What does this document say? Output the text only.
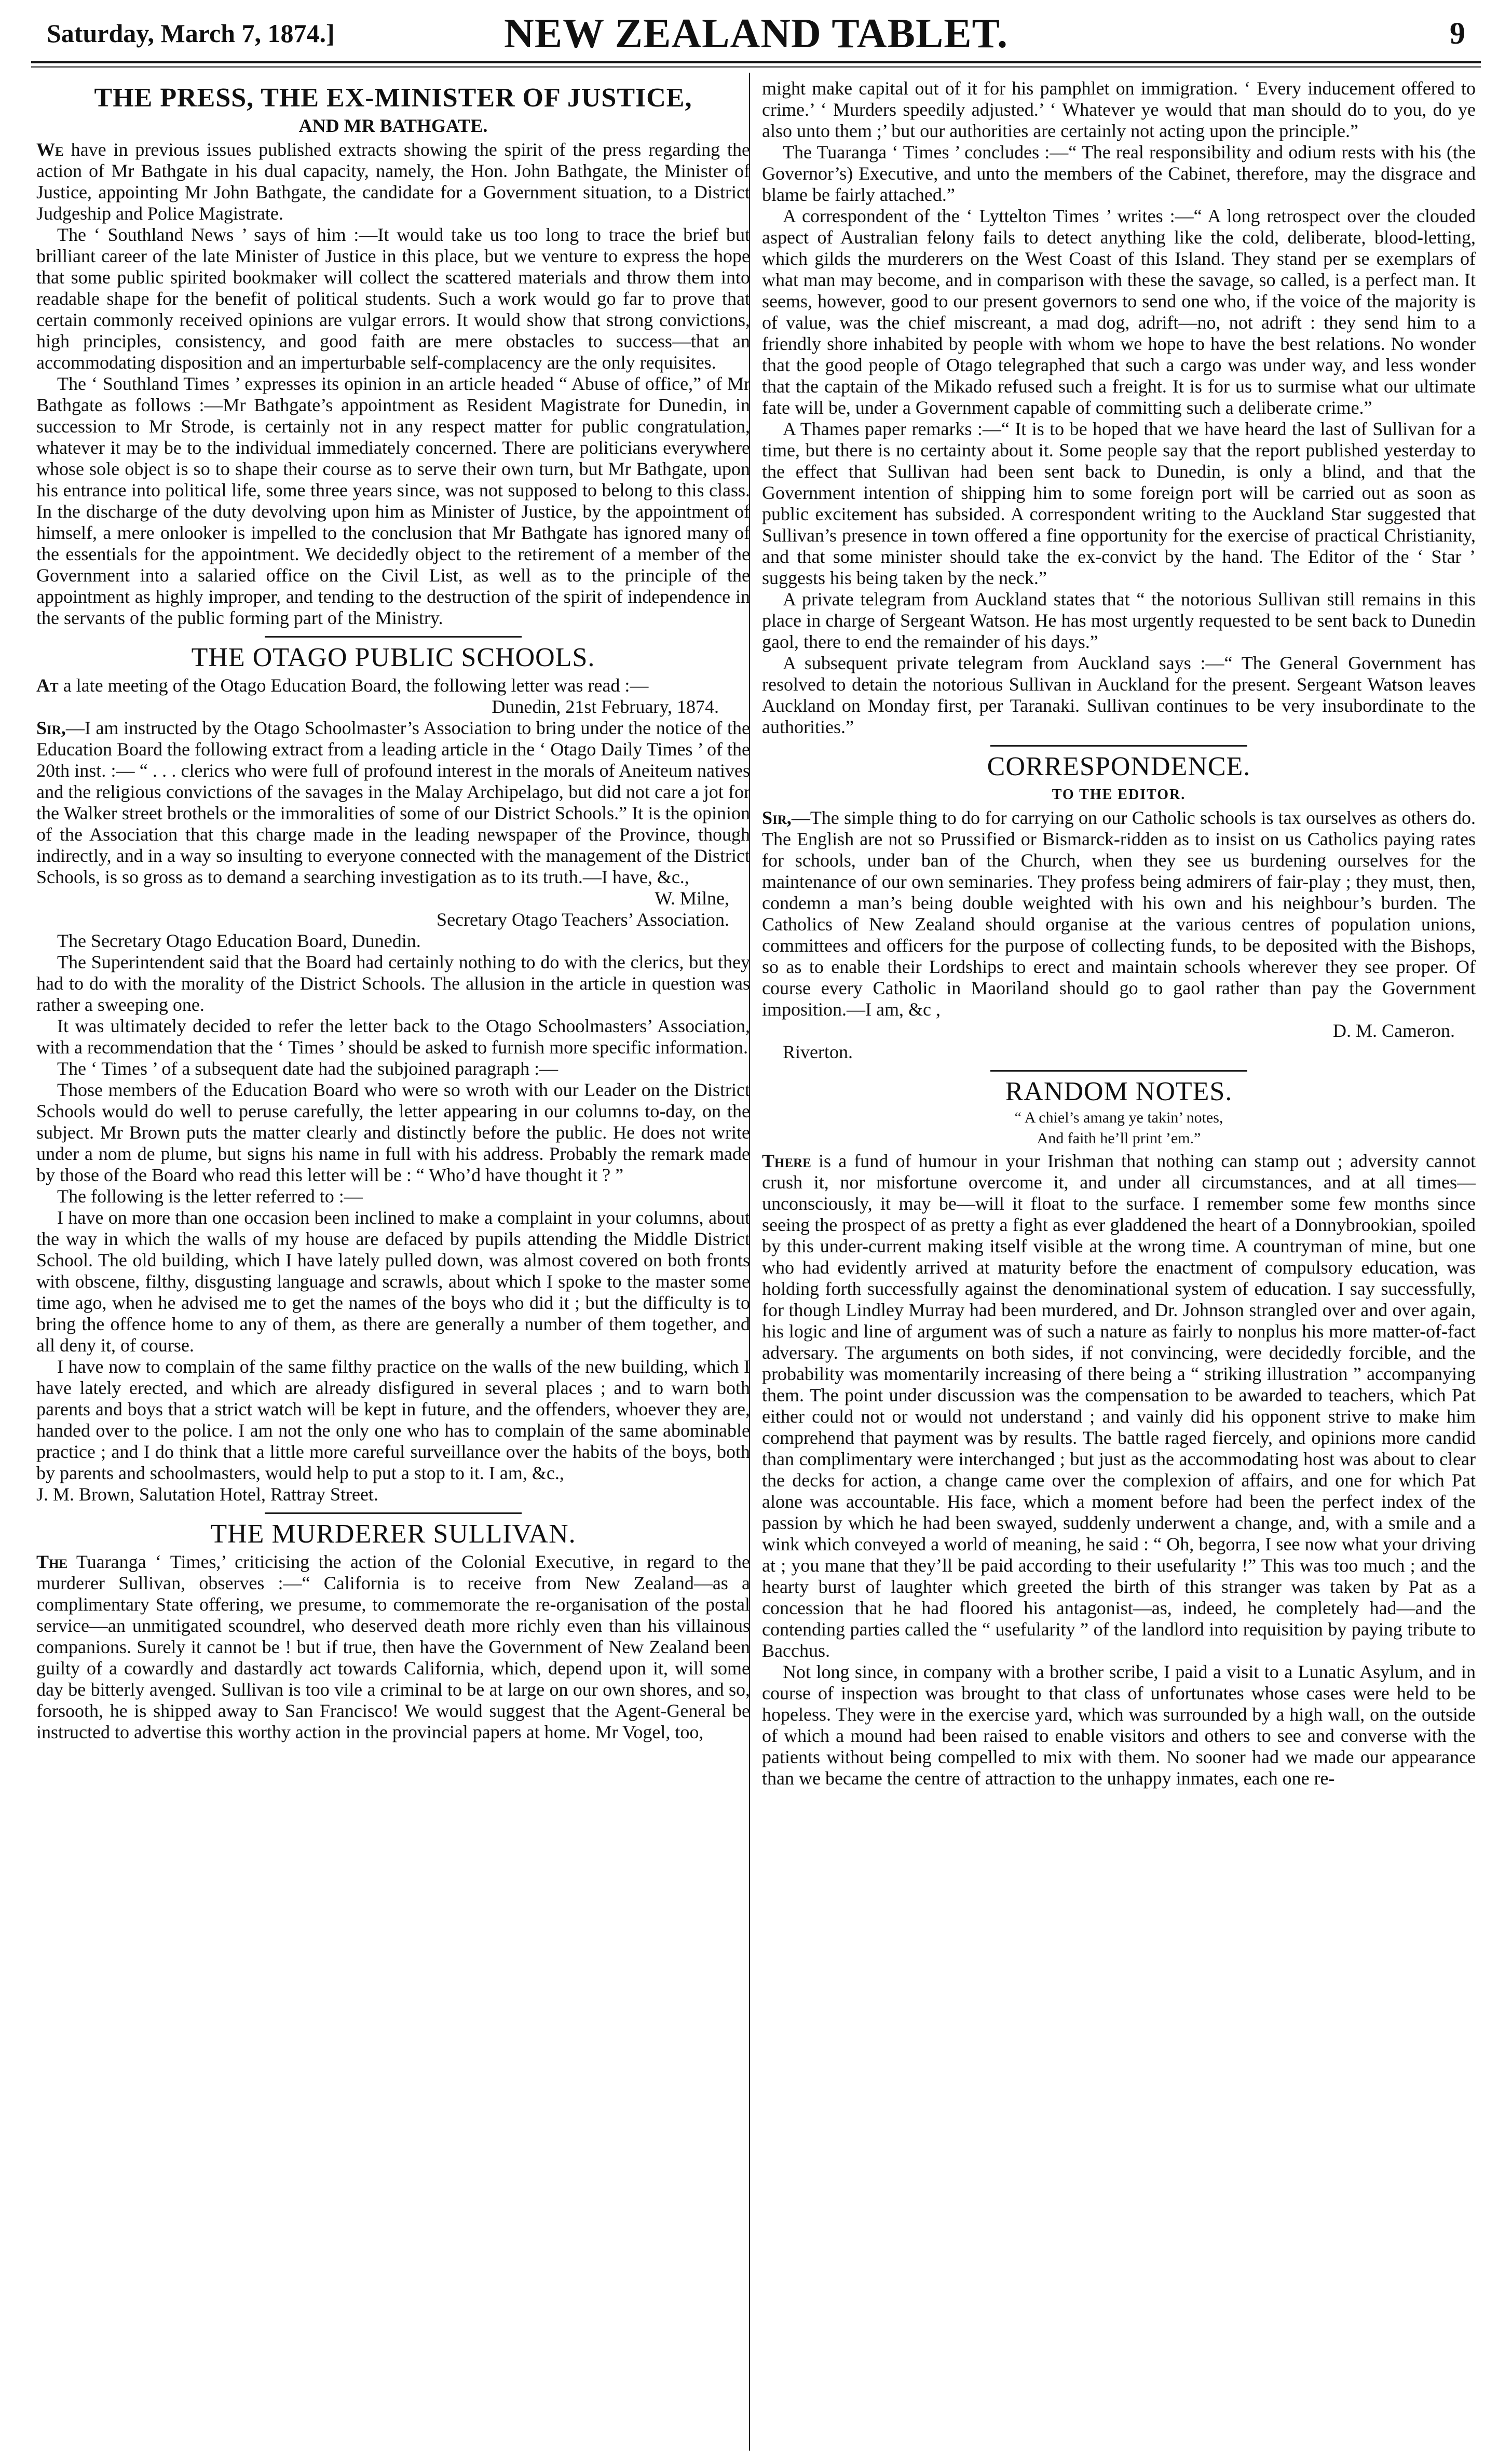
Saturday, March 7, 1874.]	NEW ZEALAND TABLET.	9
THE PRESS, THE EX-MINISTER OF JUSTICE,
AND MR BATHGATE.

We have in previous issues published extracts showing the spirit of the press regarding the action of Mr Bathgate in his dual capacity, namely, the Hon. John Bathgate, the Minister of Justice, appointing Mr John Bathgate, the candidate for a Government situation, to a District Judgeship and Police Magistrate.

The ‘ Southland News ’ says of him :—It would take us too long to trace the brief but brilliant career of the late Minister of Justice in this place, but we venture to express the hope that some public spirited bookmaker will collect the scattered materials and throw them into readable shape for the benefit of political students. Such a work would go far to prove that certain commonly received opinions are vulgar errors. It would show that strong convictions, high principles, consistency, and good faith are mere obstacles to success—that an accommodating disposition and an imperturbable self-complacency are the only requisites.

The ‘ Southland Times ’ expresses its opinion in an article headed “ Abuse of office,” of Mr Bathgate as follows :—Mr Bathgate’s appointment as Resident Magistrate for Dunedin, in succession to Mr Strode, is certainly not in any respect matter for public congratulation, whatever it may be to the individual immediately concerned. There are politicians everywhere whose sole object is so to shape their course as to serve their own turn, but Mr Bathgate, upon his entrance into political life, some three years since, was not supposed to belong to this class. In the discharge of the duty devolving upon him as Minister of Justice, by the appointment of himself, a mere onlooker is impelled to the conclusion that Mr Bathgate has ignored many of the essentials for the appointment. We decidedly object to the retirement of a member of the Government into a salaried office on the Civil List, as well as to the principle of the appointment as highly improper, and tending to the destruction of the spirit of independence in the servants of the public forming part of the Ministry.

THE OTAGO PUBLIC SCHOOLS.

At a late meeting of the Otago Education Board, the following letter was read :—

Dunedin, 21st February, 1874.

Sir,—I am instructed by the Otago Schoolmaster’s Association to bring under the notice of the Education Board the following extract from a leading article in the ‘ Otago Daily Times ’ of the 20th inst. :— “ . . . clerics who were full of profound interest in the morals of Aneiteum natives and the religious convictions of the savages in the Malay Archipelago, but did not care a jot for the Walker street brothels or the immoralities of some of our District Schools.” It is the opinion of the Association that this charge made in the leading newspaper of the Province, though indirectly, and in a way so insulting to everyone connected with the management of the District Schools, is so gross as to demand a searching investigation as to its truth.—I have, &c.,

W. Milne,

Secretary Otago Teachers’ Association.

The Secretary Otago Education Board, Dunedin.

The Superintendent said that the Board had certainly nothing to do with the clerics, but they had to do with the morality of the District Schools. The allusion in the article in question was rather a sweeping one.

It was ultimately decided to refer the letter back to the Otago Schoolmasters’ Association, with a recommendation that the ‘ Times ’ should be asked to furnish more specific information.

The ‘ Times ’ of a subsequent date had the subjoined paragraph :—

Those members of the Education Board who were so wroth with our Leader on the District Schools would do well to peruse carefully, the letter appearing in our columns to-day, on the subject. Mr Brown puts the matter clearly and distinctly before the public. He does not write under a nom de plume, but signs his name in full with his address. Probably the remark made by those of the Board who read this letter will be : “ Who’d have thought it ? ”

The following is the letter referred to :—

I have on more than one occasion been inclined to make a complaint in your columns, about the way in which the walls of my house are defaced by pupils attending the Middle District School. The old building, which I have lately pulled down, was almost covered on both fronts with obscene, filthy, disgusting language and scrawls, about which I spoke to the master some time ago, when he advised me to get the names of the boys who did it ; but the difficulty is to bring the offence home to any of them, as there are generally a number of them together, and all deny it, of course.

I have now to complain of the same filthy practice on the walls of the new building, which I have lately erected, and which are already disfigured in several places ; and to warn both parents and boys that a strict watch will be kept in future, and the offenders, whoever they are, handed over to the police. I am not the only one who has to complain of the same abominable practice ; and I do think that a little more careful surveillance over the habits of the boys, both by parents and schoolmasters, would help to put a stop to it. I am, &c.,

J. M. Brown, Salutation Hotel, Rattray Street.

THE MURDERER SULLIVAN.

The Tuaranga ‘ Times,’ criticising the action of the Colonial Executive, in regard to the murderer Sullivan, observes :—“ California is to receive from New Zealand—as a complimentary State offering, we presume, to commemorate the re-organisation of the postal service—an unmitigated scoundrel, who deserved death more richly even than his villainous companions. Surely it cannot be ! but if true, then have the Government of New Zealand been guilty of a cowardly and dastardly act towards California, which, depend upon it, will some day be bitterly avenged. Sullivan is too vile a criminal to be at large on our own shores, and so, forsooth, he is shipped away to San Francisco! We would suggest that the Agent-General be instructed to advertise this worthy action in the provincial papers at home. Mr Vogel, too,

might make capital out of it for his pamphlet on immigration. ‘ Every inducement offered to crime.’ ‘ Murders speedily adjusted.’ ‘ Whatever ye would that man should do to you, do ye also unto them ;’ but our authorities are certainly not acting upon the principle.”

The Tuaranga ‘ Times ’ concludes :—“ The real responsibility and odium rests with his (the Governor’s) Executive, and unto the members of the Cabinet, therefore, may the disgrace and blame be fairly attached.”

A correspondent of the ‘ Lyttelton Times ’ writes :—“ A long retrospect over the clouded aspect of Australian felony fails to detect anything like the cold, deliberate, blood-letting, which gilds the murderers on the West Coast of this Island. They stand per se exemplars of what man may become, and in comparison with these the savage, so called, is a perfect man. It seems, however, good to our present governors to send one who, if the voice of the majority is of value, was the chief miscreant, a mad dog, adrift—no, not adrift : they send him to a friendly shore inhabited by people with whom we hope to have the best relations. No wonder that the good people of Otago telegraphed that such a cargo was under way, and less wonder that the captain of the Mikado refused such a freight. It is for us to surmise what our ultimate fate will be, under a Government capable of committing such a deliberate crime.”

A Thames paper remarks :—“ It is to be hoped that we have heard the last of Sullivan for a time, but there is no certainty about it. Some people say that the report published yesterday to the effect that Sullivan had been sent back to Dunedin, is only a blind, and that the Government intention of shipping him to some foreign port will be carried out as soon as public excitement has subsided. A correspondent writing to the Auckland Star suggested that Sullivan’s presence in town offered a fine opportunity for the exercise of practical Christianity, and that some minister should take the ex-convict by the hand. The Editor of the ‘ Star ’ suggests his being taken by the neck.”

A private telegram from Auckland states that “ the notorious Sullivan still remains in this place in charge of Sergeant Watson. He has most urgently requested to be sent back to Dunedin gaol, there to end the remainder of his days.”

A subsequent private telegram from Auckland says :—“ The General Government has resolved to detain the notorious Sullivan in Auckland for the present. Sergeant Watson leaves Auckland on Monday first, per Taranaki. Sullivan continues to be very insubordinate to the authorities.”

CORRESPONDENCE.
TO THE EDITOR.

Sir,—The simple thing to do for carrying on our Catholic schools is tax ourselves as others do. The English are not so Prussified or Bismarck-ridden as to insist on us Catholics paying rates for schools, under ban of the Church, when they see us burdening ourselves for the maintenance of our own seminaries. They profess being admirers of fair-play ; they must, then, condemn a man’s being double weighted with his own and his neighbour’s burden. The Catholics of New Zealand should organise at the various centres of population unions, committees and officers for the purpose of collecting funds, to be deposited with the Bishops, so as to enable their Lordships to erect and maintain schools wherever they see proper. Of course every Catholic in Maoriland should go to gaol rather than pay the Government imposition.—I am, &c ,

D. M. Cameron.

Riverton.

RANDOM NOTES.
“ A chiel’s amang ye takin’ notes,
And faith he’ll print ’em.”

There is a fund of humour in your Irishman that nothing can stamp out ; adversity cannot crush it, nor misfortune overcome it, and under all circumstances, and at all times—unconsciously, it may be—will it float to the surface. I remember some few months since seeing the prospect of as pretty a fight as ever gladdened the heart of a Donnybrookian, spoiled by this under-current making itself visible at the wrong time. A countryman of mine, but one who had evidently arrived at maturity before the enactment of compulsory education, was holding forth successfully against the denominational system of education. I say successfully, for though Lindley Murray had been murdered, and Dr. Johnson strangled over and over again, his logic and line of argument was of such a nature as fairly to nonplus his more matter-of-fact adversary. The arguments on both sides, if not convincing, were decidedly forcible, and the probability was momentarily increasing of there being a “ striking illustration ” accompanying them. The point under discussion was the compensation to be awarded to teachers, which Pat either could not or would not understand ; and vainly did his opponent strive to make him comprehend that payment was by results. The battle raged fiercely, and opinions more candid than complimentary were interchanged ; but just as the accommodating host was about to clear the decks for action, a change came over the complexion of affairs, and one for which Pat alone was accountable. His face, which a moment before had been the perfect index of the passion by which he had been swayed, suddenly underwent a change, and, with a smile and a wink which conveyed a world of meaning, he said : “ Oh, begorra, I see now what your driving at ; you mane that they’ll be paid according to their usefularity !” This was too much ; and the hearty burst of laughter which greeted the birth of this stranger was taken by Pat as a concession that he had floored his antagonist—as, indeed, he completely had—and the contending parties called the “ usefularity ” of the landlord into requisition by paying tribute to Bacchus.

Not long since, in company with a brother scribe, I paid a visit to a Lunatic Asylum, and in course of inspection was brought to that class of unfortunates whose cases were held to be hopeless. They were in the exercise yard, which was surrounded by a high wall, on the outside of which a mound had been raised to enable visitors and others to see and converse with the patients without being compelled to mix with them. No sooner had we made our appearance than we became the centre of attraction to the unhappy inmates, each one re-
